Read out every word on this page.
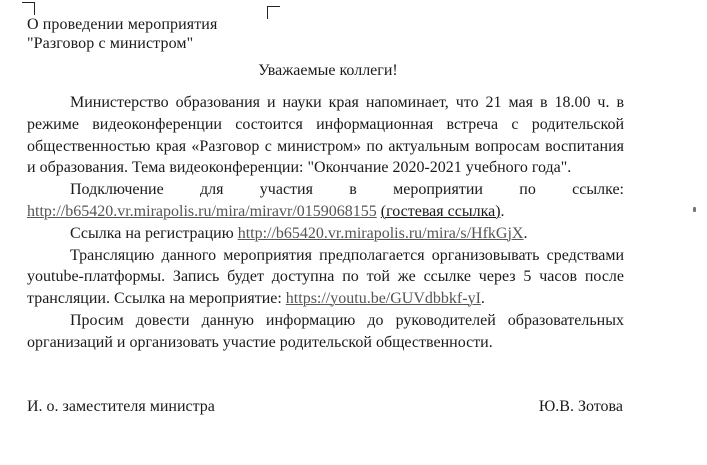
О проведении мероприятия
"Разговор с министром"
Уважаемые коллеги!

Министерство образования и науки края напоминает, что 21 мая в 18.00 ч. в режиме видеоконференции состоится информационная встреча с родительской общественностью края «Разговор с министром» по актуальным вопросам воспитания и образования. Тема видеоконференции: "Окончание 2020-2021 учебного года".

Подключение для участия в мероприятии по ссылке: http://b65420.vr.mirapolis.ru/mira/miravr/0159068155 (гостевая ссылка).

Ссылка на регистрацию http://b65420.vr.mirapolis.ru/mira/s/HfkGjX.

Трансляцию данного мероприятия предполагается организовывать средствами youtube-платформы. Запись будет доступна по той же ссылке через 5 часов после трансляции. Ссылка на мероприятие: https://youtu.be/GUVdbbkf-yI.

Просим довести данную информацию до руководителей образовательных организаций и организовать участие родительской общественности.

И. о. заместителя министра	Ю.В. Зотова
